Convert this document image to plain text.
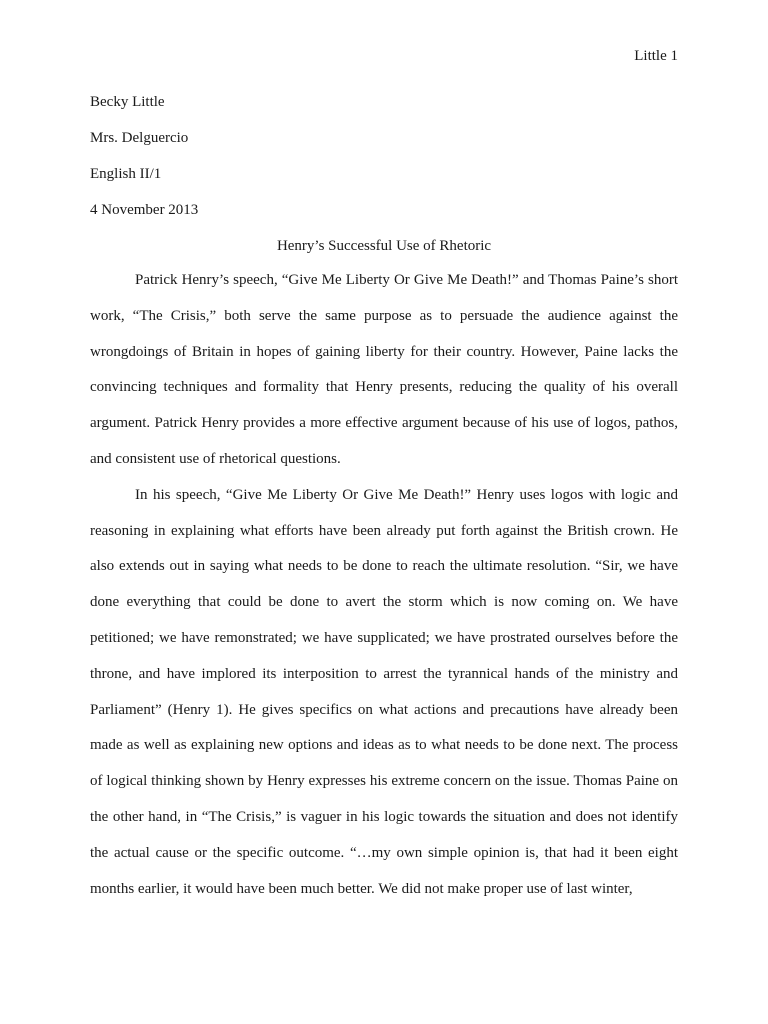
Little 1
Becky Little
Mrs. Delguercio
English II/1
4 November 2013
Henry’s Successful Use of Rhetoric

Patrick Henry’s speech, “Give Me Liberty Or Give Me Death!” and Thomas Paine’s short work, “The Crisis,” both serve the same purpose as to persuade the audience against the wrongdoings of Britain in hopes of gaining liberty for their country. However, Paine lacks the convincing techniques and formality that Henry presents, reducing the quality of his overall argument. Patrick Henry provides a more effective argument because of his use of logos, pathos, and consistent use of rhetorical questions.

In his speech, “Give Me Liberty Or Give Me Death!” Henry uses logos with logic and reasoning in explaining what efforts have been already put forth against the British crown. He also extends out in saying what needs to be done to reach the ultimate resolution. “Sir, we have done everything that could be done to avert the storm which is now coming on. We have petitioned; we have remonstrated; we have supplicated; we have prostrated ourselves before the throne, and have implored its interposition to arrest the tyrannical hands of the ministry and Parliament” (Henry 1). He gives specifics on what actions and precautions have already been made as well as explaining new options and ideas as to what needs to be done next. The process of logical thinking shown by Henry expresses his extreme concern on the issue. Thomas Paine on the other hand, in “The Crisis,” is vaguer in his logic towards the situation and does not identify the actual cause or the specific outcome. “…my own simple opinion is, that had it been eight months earlier, it would have been much better. We did not make proper use of last winter,
